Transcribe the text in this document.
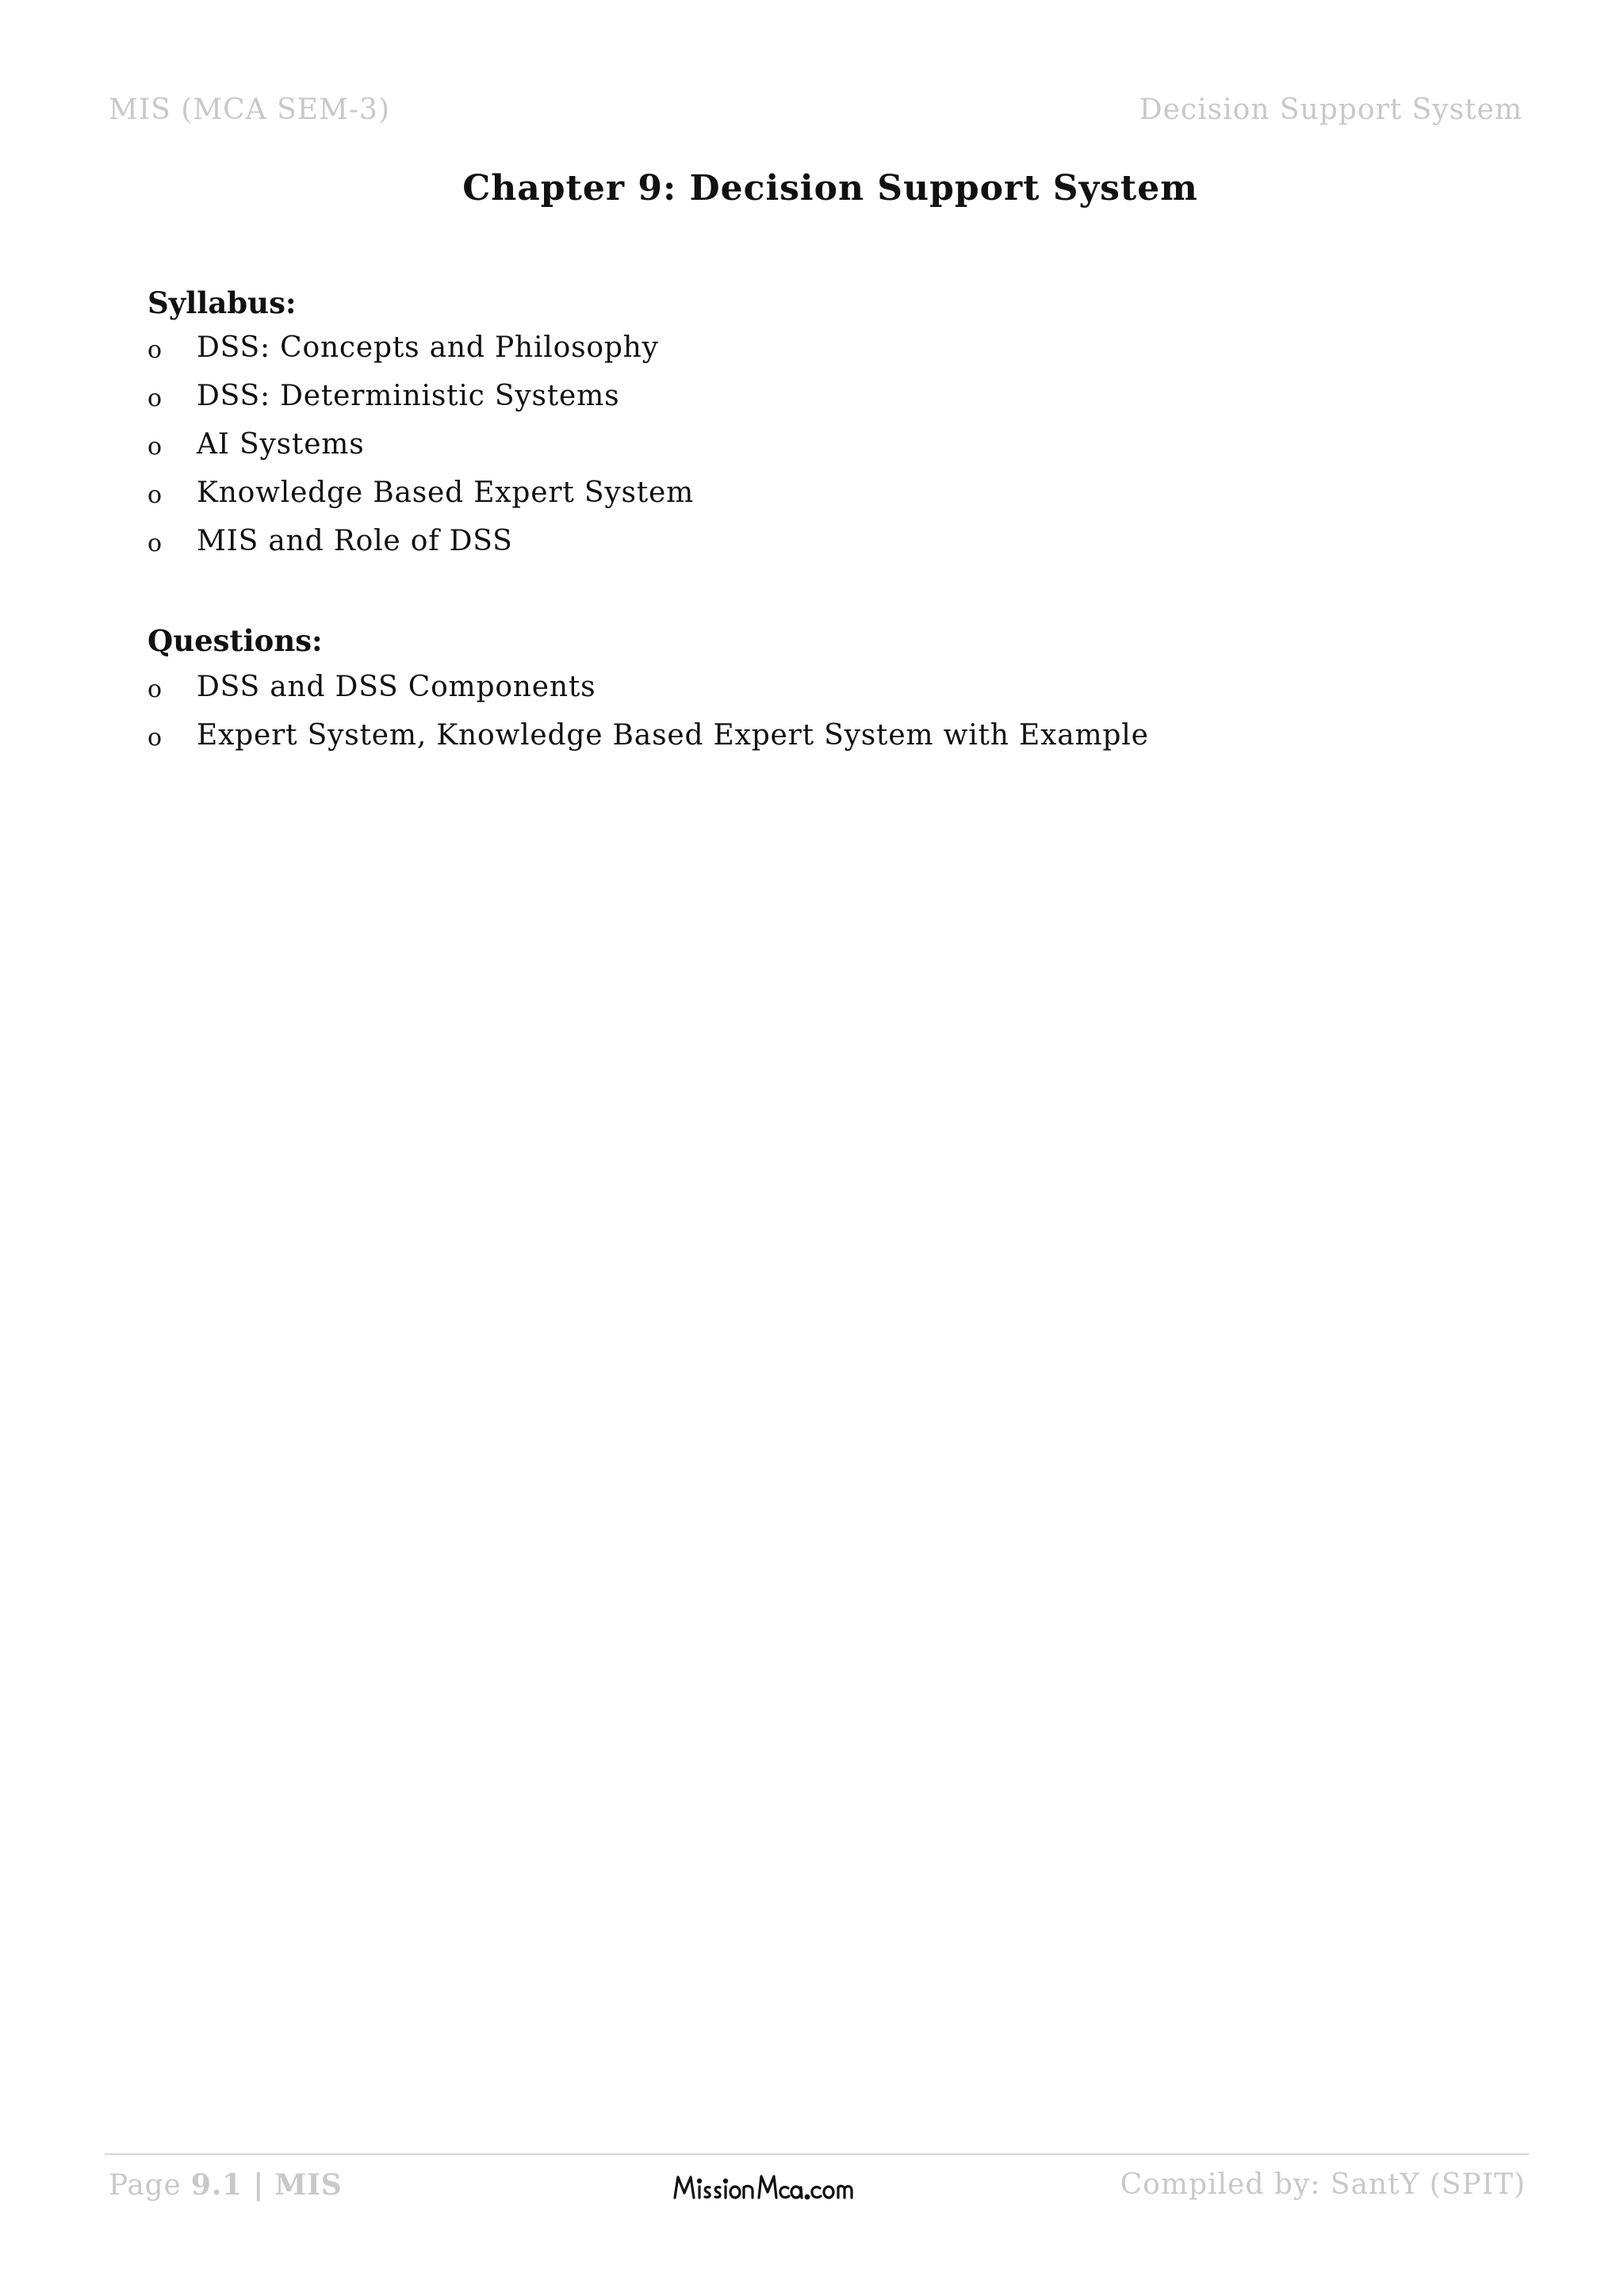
MIS (MCA SEM-3)	Decision Support System
Chapter 9: Decision Support System
Syllabus:
o	DSS: Concepts and Philosophy
o	DSS: Deterministic Systems
o	AI Systems
o	Knowledge Based Expert System
o	MIS and Role of DSS
Questions:
o	DSS and DSS Components
o	Expert System, Knowledge Based Expert System with Example
Page 9.1 | MIS	Compiled by: SantY (SPIT)
